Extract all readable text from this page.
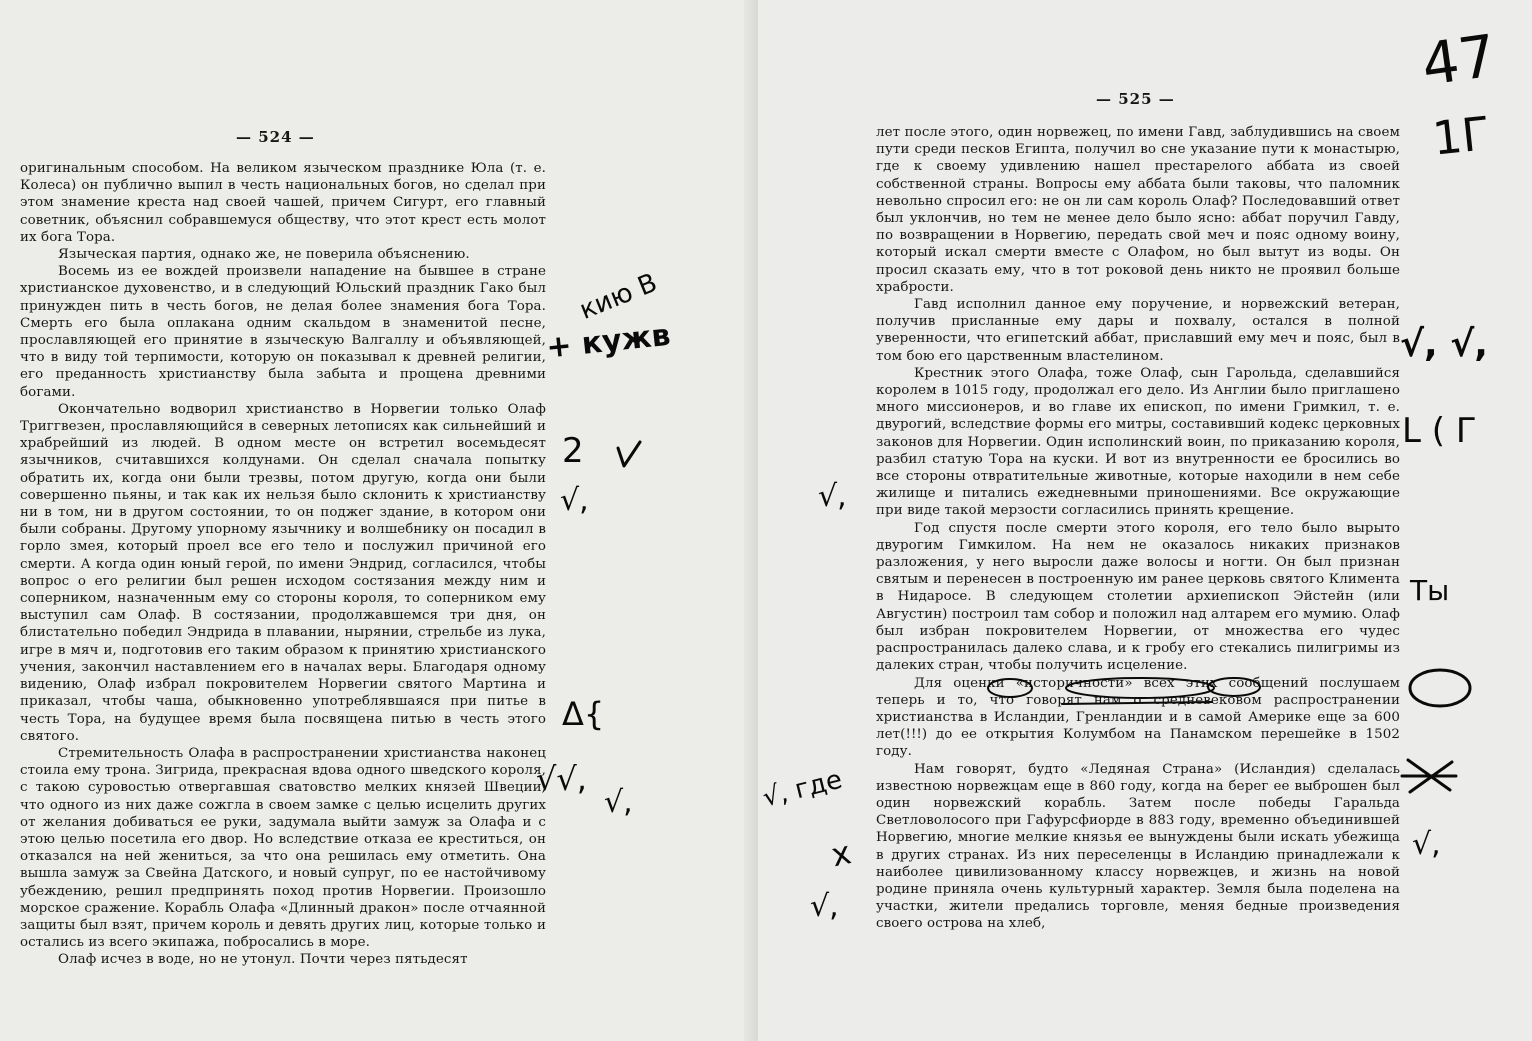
— 524 —

оригинальным способом. На великом языческом празднике Юла (т. е. Колеса) он публично выпил в честь национальных богов, но сделал при этом знамение креста над своей чашей, причем Сигурт, его главный советник, объяснил собравшемуся обществу, что этот крест есть молот их бога Тора.

Языческая партия, однако же, не поверила объяснению.

Восемь из ее вождей произвели нападение на бывшее в стране христианское духовенство, и в следующий Юльский праздник Гако был принужден пить в честь богов, не делая более знамения бога Тора. Смерть его была оплакана одним скальдом в знаменитой песне, прославляющей его принятие в языческую Валгаллу и объявляющей, что в виду той терпимости, которую он показывал к древней религии, его преданность христианству была забыта и прощена древними богами.

Окончательно водворил христианство в Норвегии только Олаф Триггвезен, прославляющийся в северных летописях как сильнейший и храбрейший из людей. В одном месте он встретил восемьдесят язычников, считавшихся колдунами. Он сделал сначала попытку обратить их, когда они были трезвы, потом другую, когда они были совершенно пьяны, и так как их нельзя было склонить к христианству ни в том, ни в другом состоянии, то он поджег здание, в котором они были собраны. Другому упорному язычнику и волшебнику он посадил в горло змея, который проел все его тело и послужил причиной его смерти. А когда один юный герой, по имени Эндрид, согласился, чтобы вопрос о его религии был решен исходом состязания между ним и соперником, назначенным ему со стороны короля, то соперником ему выступил сам Олаф. В состязании, продолжавшемся три дня, он блистательно победил Эндрида в плавании, нырянии, стрельбе из лука, игре в мяч и, подготовив его таким образом к принятию христианского учения, закончил наставлением его в началах веры. Благодаря одному видению, Олаф избрал покровителем Норвегии святого Мартина и приказал, чтобы чаша, обыкновенно употреблявшаяся при питье в честь Тора, на будущее время была посвящена питью в честь этого святого.

Стремительность Олафа в распространении христианства наконец стоила ему трона. Зигрида, прекрасная вдова одного шведского короля, с такою суровостью отвергавшая сватовство мелких князей Швеции, что одного из них даже сожгла в своем замке с целью исцелить других от желания добиваться ее руки, задумала выйти замуж за Олафа и с этою целью посетила его двор. Но вследствие отказа ее креститься, он отказался на ней жениться, за что она решилась ему отметить. Она вышла замуж за Свейна Датского, и новый супруг, по ее настойчивому убеждению, решил предпринять поход против Норвегии. Произошло морское сражение. Корабль Олафа «Длинный дракон» после отчаянной защиты был взят, причем король и девять других лиц, которые только и остались из всего экипажа, побросались в море.

Олаф исчез в воде, но не утонул. Почти через пятьдесят

— 525 —

лет после этого, один норвежец, по имени Гавд, заблудившись на своем пути среди песков Египта, получил во сне указание пути к монастырю, где к своему удивлению нашел престарелого аббата из своей собственной страны. Вопросы ему аббата были таковы, что паломник невольно спросил его: не он ли сам король Олаф? Последовавший ответ был уклончив, но тем не менее дело было ясно: аббат поручил Гавду, по возвращении в Норвегию, передать свой меч и пояс одному воину, который искал смерти вместе с Олафом, но был вытут из воды. Он просил сказать ему, что в тот роковой день никто не проявил больше храбрости.

Гавд исполнил данное ему поручение, и норвежский ветеран, получив присланные ему дары и похвалу, остался в полной уверенности, что египетский аббат, приславший ему меч и пояс, был в том бою его царственным властелином.

Крестник этого Олафа, тоже Олаф, сын Гарольда, сделавшийся королем в 1015 году, продолжал его дело. Из Англии было приглашено много миссионеров, и во главе их епископ, по имени Гримкил, т. е. двурогий, вследствие формы его митры, составивший кодекс церковных законов для Норвегии. Один исполинский воин, по приказанию короля, разбил статую Тора на куски. И вот из внутренности ее бросились во все стороны отвратительные животные, которые находили в нем себе жилище и питались ежедневными приношениями. Все окружающие при виде такой мерзости согласились принять крещение.

Год спустя после смерти этого короля, его тело было вырыто двурогим Гимкилом. На нем не оказалось никаких признаков разложения, у него выросли даже волосы и ногти. Он был признан святым и перенесен в построенную им ранее церковь святого Климента в Нидаросе. В следующем столетии архиепископ Эйстейн (или Августин) построил там собор и положил над алтарем его мумию. Олаф был избран покровителем Норвегии, от множества его чудес распространилась далеко слава, и к гробу его стекались пилигримы из далеких стран, чтобы получить исцеление.

Для оценки «историчности» всех этих сообщений послушаем теперь и то, что говорят нам о средневековом распространении христианства в Исландии, Гренландии и в самой Америке еще за 600 лет(!!!) до ее открытия Колумбом на Панамском перешейке в 1502 году.

Нам говорят, будто «Ледяная Страна» (Исландия) сделалась известною норвежцам еще в 860 году, когда на берег ее выброшен был один норвежский корабль. Затем после победы Гаральда Светловолосого при Гафурсфиорде в 883 году, временно объединившей Норвегию, многие мелкие князья ее вынуждены были искать убежища в других странах. Из них переселенцы в Исландию принадлежали к наиболее цивилизованному классу норвежцев, и жизнь на новой родине приняла очень культурный характер. Земля была поделена на участки, жители предались торговле, меняя бедные произведения своего острова на хлеб,

47
1Г
кию В
+ кужв
2
√,
Δ{
√√,
√,
√,
√, где
x
√,
√, √,
L ( Г
Ты
√,
